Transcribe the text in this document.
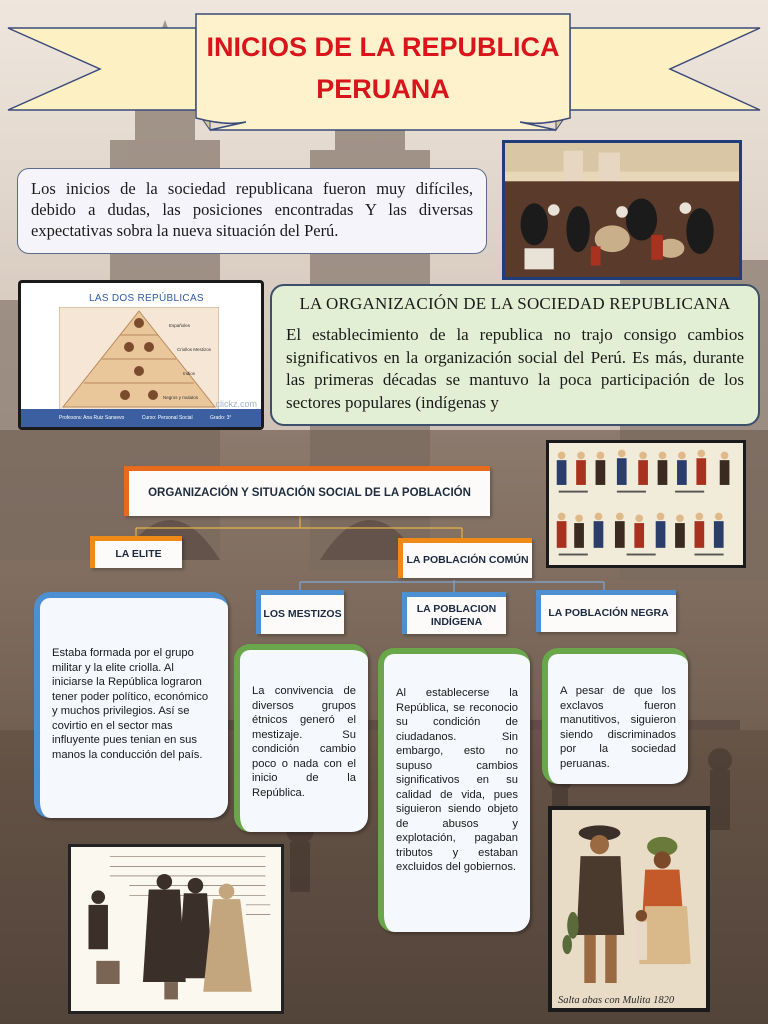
INICIOS DE LA REPUBLICA
PERUANA
Los inicios de la sociedad republicana fueron muy difíciles, debido a dudas, las posiciones encontradas Y las diversas expectativas sobra la nueva situación del Perú.
LAS DOS REPÚBLICAS
Españoles
Criollos Mestizos
Indios
Negros y mulatos
clickz.com
Profesora: Ana Ruiz Sansevo	Curso: Personal Social	Grado: 3°
LA ORGANIZACIÓN DE LA SOCIEDAD REPUBLICANA

El establecimiento de la republica no trajo consigo cambios significativos en la organización social del Perú. Es más, durante las primeras décadas se mantuvo la poca participación de los sectores populares (indígenas y

ORGANIZACIÓN Y SITUACIÓN SOCIAL DE LA POBLACIÓN
LA ELITE	LA POBLACIÓN COMÚN
Estaba formada por el grupo militar y la elite criolla. Al iniciarse la República lograron tener poder político, económico y muchos privilegios. Así se covirtio en el sector mas influyente pues tenian en sus manos la conducción del país.
La convivencia de diversos grupos étnicos generó el mestizaje. Su condición cambio poco o nada con el inicio de la República.
LOS MESTIZOS
Al establecerse la República, se reconocio su condición de ciudadanos. Sin embargo, esto no supuso cambios significativos en su calidad de vida, pues siguieron siendo objeto de abusos y explotación, pagaban tributos y estaban excluidos del gobiernos.
LA POBLACION INDÍGENA
A pesar de que los exclavos fueron manutitivos, siguieron siendo discriminados por la sociedad peruanas.
LA POBLACIÓN NEGRA
Salta abas con Mulita 1820
